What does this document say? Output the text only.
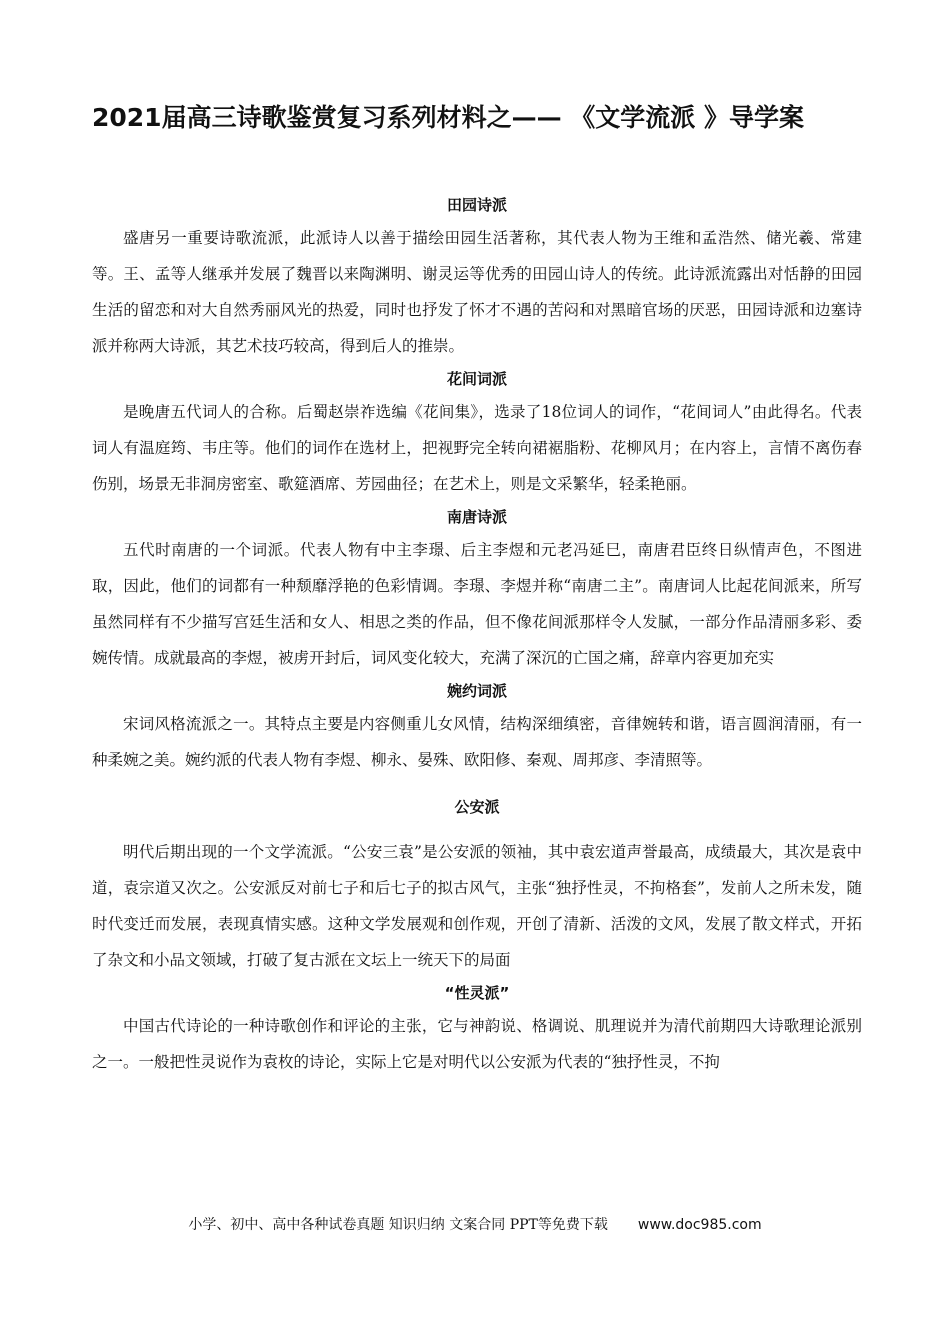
2021届高三诗歌鉴赏复习系列材料之—— 《文学流派 》导学案
田园诗派

盛唐另一重要诗歌流派，此派诗人以善于描绘田园生活著称，其代表人物为王维和孟浩然、储光羲、常建等。王、孟等人继承并发展了魏晋以来陶渊明、谢灵运等优秀的田园山诗人的传统。此诗派流露出对恬静的田园生活的留恋和对大自然秀丽风光的热爱，同时也抒发了怀才不遇的苦闷和对黑暗官场的厌恶，田园诗派和边塞诗派并称两大诗派，其艺术技巧较高，得到后人的推崇。

花间词派

是晚唐五代词人的合称。后蜀赵崇祚选编《花间集》，选录了18位词人的词作，“花间词人”由此得名。代表词人有温庭筠、韦庄等。他们的词作在选材上，把视野完全转向裙裾脂粉、花柳风月；在内容上，言情不离伤春伤别，场景无非洞房密室、歌筵酒席、芳园曲径；在艺术上，则是文采繁华，轻柔艳丽。

南唐诗派

五代时南唐的一个词派。代表人物有中主李璟、后主李煜和元老冯延巳，南唐君臣终日纵情声色，不图进取，因此，他们的词都有一种颓靡浮艳的色彩情调。李璟、李煜并称“南唐二主”。南唐词人比起花间派来，所写虽然同样有不少描写宫廷生活和女人、相思之类的作品，但不像花间派那样令人发腻，一部分作品清丽多彩、委婉传情。成就最高的李煜，被虏开封后，词风变化较大，充满了深沉的亡国之痛，辞章内容更加充实

婉约词派

宋词风格流派之一。其特点主要是内容侧重儿女风情，结构深细缜密，音律婉转和谐，语言圆润清丽，有一种柔婉之美。婉约派的代表人物有李煜、柳永、晏殊、欧阳修、秦观、周邦彦、李清照等。

公安派

明代后期出现的一个文学流派。“公安三袁”是公安派的领袖，其中袁宏道声誉最高，成绩最大，其次是袁中道，袁宗道又次之。公安派反对前七子和后七子的拟古风气，主张“独抒性灵，不拘格套”，发前人之所未发，随时代变迁而发展，表现真情实感。这种文学发展观和创作观，开创了清新、活泼的文风，发展了散文样式，开拓了杂文和小品文领域，打破了复古派在文坛上一统天下的局面

“性灵派”

中国古代诗论的一种诗歌创作和评论的主张，它与神韵说、格调说、肌理说并为清代前期四大诗歌理论派别之一。一般把性灵说作为袁枚的诗论，实际上它是对明代以公安派为代表的“独抒性灵，不拘

小学、初中、高中各种试卷真题 知识归纳 文案合同 PPT等免费下载 www.doc985.com
